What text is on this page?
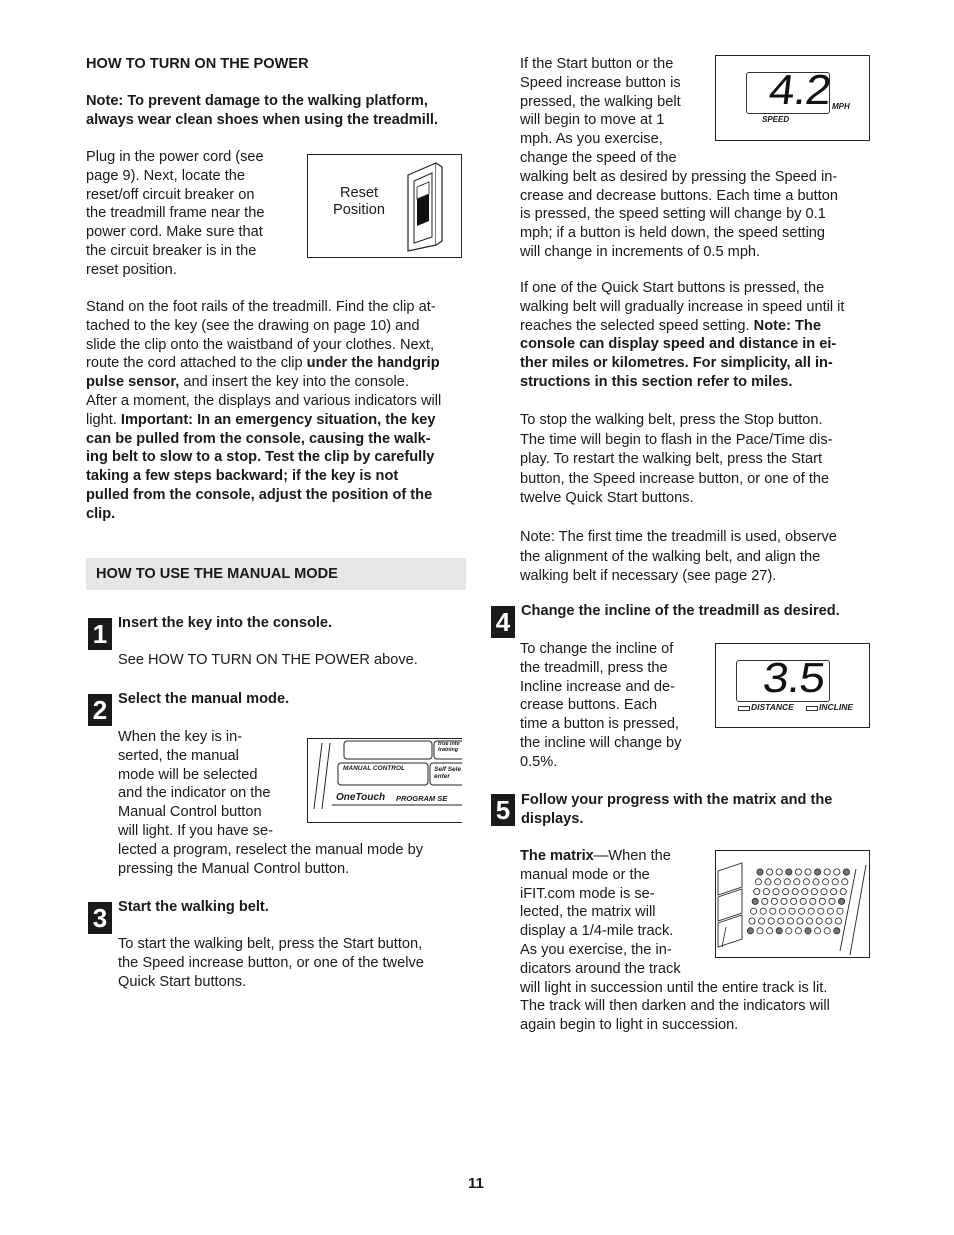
HOW TO TURN ON THE POWER
Note: To prevent damage to the walking platform,
always wear clean shoes when using the treadmill.
Plug in the power cord (see
page 9). Next, locate the
reset/off circuit breaker on
the treadmill frame near the
power cord. Make sure that
the circuit breaker is in the
reset position.
Reset
Position
Stand on the foot rails of the treadmill. Find the clip at-
tached to the key (see the drawing on page 10) and
slide the clip onto the waistband of your clothes. Next,
route the cord attached to the clip under the handgrip
pulse sensor, and insert the key into the console.
After a moment, the displays and various indicators will
light. Important: In an emergency situation, the key
can be pulled from the console, causing the walk-
ing belt to slow to a stop. Test the clip by carefully
taking a few steps backward; if the key is not
pulled from the console, adjust the position of the
clip.
HOW TO USE THE MANUAL MODE
1 Insert the key into the console.
See HOW TO TURN ON THE POWER above.
2 Select the manual mode.
When the key is in-
serted, the manual
mode will be selected
and the indicator on the
Manual Control button
will light. If you have se-
lected a program, reselect the manual mode by
pressing the Manual Control button.
MANUAL CONTROL
true inte
training
Self Sele
enter
OneTouch PROGRAM SE
3 Start the walking belt.
To start the walking belt, press the Start button,
the Speed increase button, or one of the twelve
Quick Start buttons.
If the Start button or the
Speed increase button is
pressed, the walking belt
will begin to move at 1
mph. As you exercise,
change the speed of the
walking belt as desired by pressing the Speed in-
crease and decrease buttons. Each time a button
is pressed, the speed setting will change by 0.1
mph; if a button is held down, the speed setting
will change in increments of 0.5 mph.
4.2 MPH
SPEED
If one of the Quick Start buttons is pressed, the
walking belt will gradually increase in speed until it
reaches the selected speed setting. Note: The
console can display speed and distance in ei-
ther miles or kilometres. For simplicity, all in-
structions in this section refer to miles.
To stop the walking belt, press the Stop button.
The time will begin to flash in the Pace/Time dis-
play. To restart the walking belt, press the Start
button, the Speed increase button, or one of the
twelve Quick Start buttons.
Note: The first time the treadmill is used, observe
the alignment of the walking belt, and align the
walking belt if necessary (see page 27).
4 Change the incline of the treadmill as desired.
To change the incline of
the treadmill, press the
Incline increase and de-
crease buttons. Each
time a button is pressed,
the incline will change by
0.5%.
3.5
DISTANCE	INCLINE
5 Follow your progress with the matrix and the
displays.
The matrix—When the
manual mode or the
iFIT.com mode is se-
lected, the matrix will
display a 1/4-mile track.
As you exercise, the in-
dicators around the track
will light in succession until the entire track is lit.
The track will then darken and the indicators will
again begin to light in succession.
11
